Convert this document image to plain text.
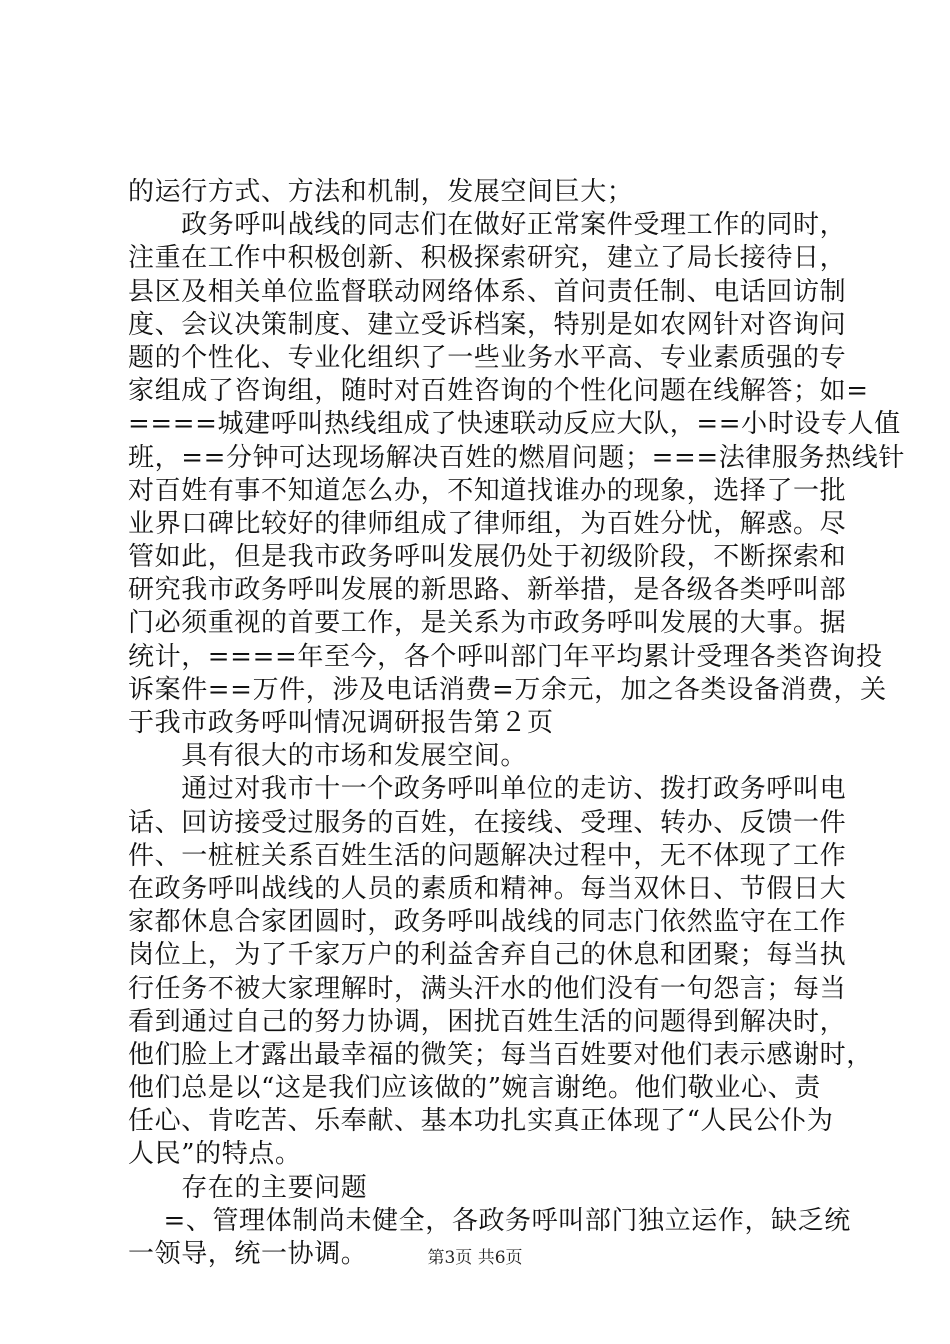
的运行方式、方法和机制，发展空间巨大；
　　政务呼叫战线的同志们在做好正常案件受理工作的同时，
注重在工作中积极创新、积极探索研究，建立了局长接待日，
县区及相关单位监督联动网络体系、首问责任制、电话回访制
度、会议决策制度、建立受诉档案，特别是如农网针对咨询问
题的个性化、专业化组织了一些业务水平高、专业素质强的专
家组成了咨询组，随时对百姓咨询的个性化问题在线解答；如=
====城建呼叫热线组成了快速联动反应大队，==小时设专人值
班，==分钟可达现场解决百姓的燃眉问题；===法律服务热线针
对百姓有事不知道怎么办，不知道找谁办的现象，选择了一批
业界口碑比较好的律师组成了律师组，为百姓分忧，解惑。尽
管如此，但是我市政务呼叫发展仍处于初级阶段，不断探索和
研究我市政务呼叫发展的新思路、新举措，是各级各类呼叫部
门必须重视的首要工作，是关系为市政务呼叫发展的大事。据
统计，====年至今，各个呼叫部门年平均累计受理各类咨询投
诉案件==万件，涉及电话消费=万余元，加之各类设备消费，关
于我市政务呼叫情况调研报告第２页
　　具有很大的市场和发展空间。
　　通过对我市十一个政务呼叫单位的走访、拨打政务呼叫电
话、回访接受过服务的百姓，在接线、受理、转办、反馈一件
件、一桩桩关系百姓生活的问题解决过程中，无不体现了工作
在政务呼叫战线的人员的素质和精神。每当双休日、节假日大
家都休息合家团圆时，政务呼叫战线的同志门依然监守在工作
岗位上，为了千家万户的利益舍弃自己的休息和团聚；每当执
行任务不被大家理解时，满头汗水的他们没有一句怨言；每当
看到通过自己的努力协调，困扰百姓生活的问题得到解决时，
他们脸上才露出最幸福的微笑；每当百姓要对他们表示感谢时，
他们总是以“这是我们应该做的”婉言谢绝。他们敬业心、责
任心、肯吃苦、乐奉献、基本功扎实真正体现了“人民公仆为
人民”的特点。
　　存在的主要问题
　 =、管理体制尚未健全，各政务呼叫部门独立运作，缺乏统
一领导，统一协调。	第3页 共6页
